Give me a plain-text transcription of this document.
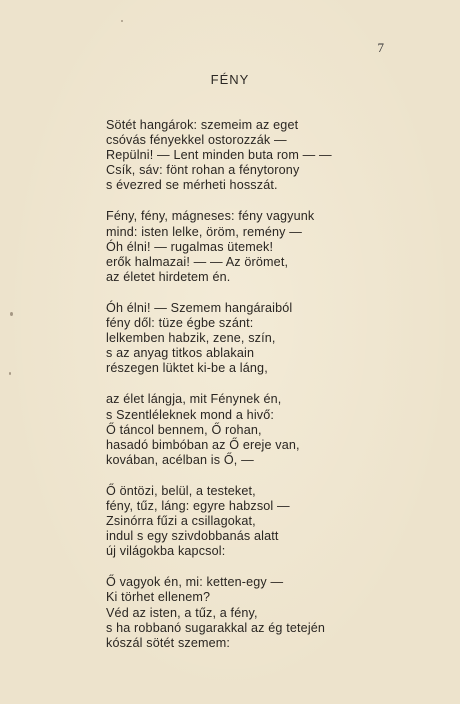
7
FÉNY
Sötét hangárok: szemeim az eget
csóvás fényekkel ostorozzák —
Repülni! — Lent minden buta rom — —
Csík, sáv: fönt rohan a fénytorony
s évezred se mérheti hosszát.
Fény, fény, mágneses: fény vagyunk
mind: isten lelke, öröm, remény —
Óh élni! — rugalmas ütemek!
erők halmazai! — — Az örömet,
az életet hirdetem én.
Óh élni! — Szemem hangáraiból
fény dől: tüze égbe szánt:
lelkemben habzik, zene, szín,
s az anyag titkos ablakain
részegen lüktet ki-be a láng,
az élet lángja, mit Fénynek én,
s Szentléleknek mond a hivő:
Ő táncol bennem, Ő rohan,
hasadó bimbóban az Ő ereje van,
kovában, acélban is Ő, —
Ő öntözi, belül, a testeket,
fény, tűz, láng: egyre habzsol —
Zsinórra fűzi a csillagokat,
indul s egy szivdobbanás alatt
új világokba kapcsol:
Ő vagyok én, mi: ketten-egy —
Ki törhet ellenem?
Véd az isten, a tűz, a fény,
s ha robbanó sugarakkal az ég tetején
kószál sötét szemem:
